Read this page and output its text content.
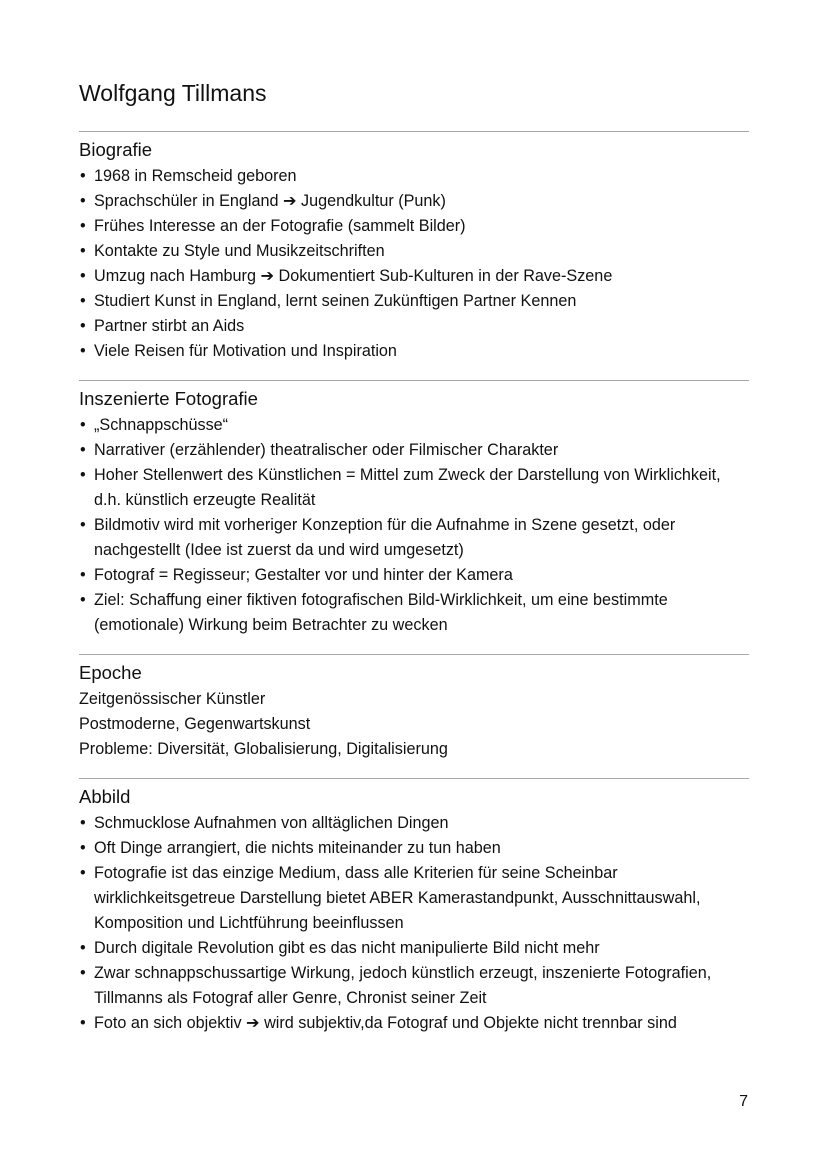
Wolfgang Tillmans
Biografie
• 1968 in Remscheid geboren
• Sprachschüler in England ➔ Jugendkultur (Punk)
• Frühes Interesse an der Fotografie (sammelt Bilder)
• Kontakte zu Style und Musikzeitschriften
• Umzug nach Hamburg ➔ Dokumentiert Sub-Kulturen in der Rave-Szene
• Studiert Kunst in England, lernt seinen Zukünftigen Partner Kennen
• Partner stirbt an Aids
• Viele Reisen für Motivation und Inspiration
Inszenierte Fotografie
• „Schnappschüsse“
• Narrativer (erzählender) theatralischer oder Filmischer Charakter
• Hoher Stellenwert des Künstlichen = Mittel zum Zweck der Darstellung von Wirklichkeit, d.h. künstlich erzeugte Realität
• Bildmotiv wird mit vorheriger Konzeption für die Aufnahme in Szene gesetzt, oder nachgestellt (Idee ist zuerst da und wird umgesetzt)
• Fotograf = Regisseur; Gestalter vor und hinter der Kamera
• Ziel: Schaffung einer fiktiven fotografischen Bild-Wirklichkeit, um eine bestimmte (emotionale) Wirkung beim Betrachter zu wecken
Epoche

Zeitgenössischer Künstler

Postmoderne, Gegenwartskunst

Probleme: Diversität, Globalisierung, Digitalisierung

Abbild
• Schmucklose Aufnahmen von alltäglichen Dingen
• Oft Dinge arrangiert, die nichts miteinander zu tun haben
• Fotografie ist das einzige Medium, dass alle Kriterien für seine Scheinbar wirklichkeitsgetreue Darstellung bietet ABER Kamerastandpunkt, Ausschnittauswahl, Komposition und Lichtführung beeinflussen
• Durch digitale Revolution gibt es das nicht manipulierte Bild nicht mehr
• Zwar schnappschussartige Wirkung, jedoch künstlich erzeugt, inszenierte Fotografien, Tillmanns als Fotograf aller Genre, Chronist seiner Zeit
• Foto an sich objektiv ➔ wird subjektiv,da Fotograf und Objekte nicht trennbar sind
7
